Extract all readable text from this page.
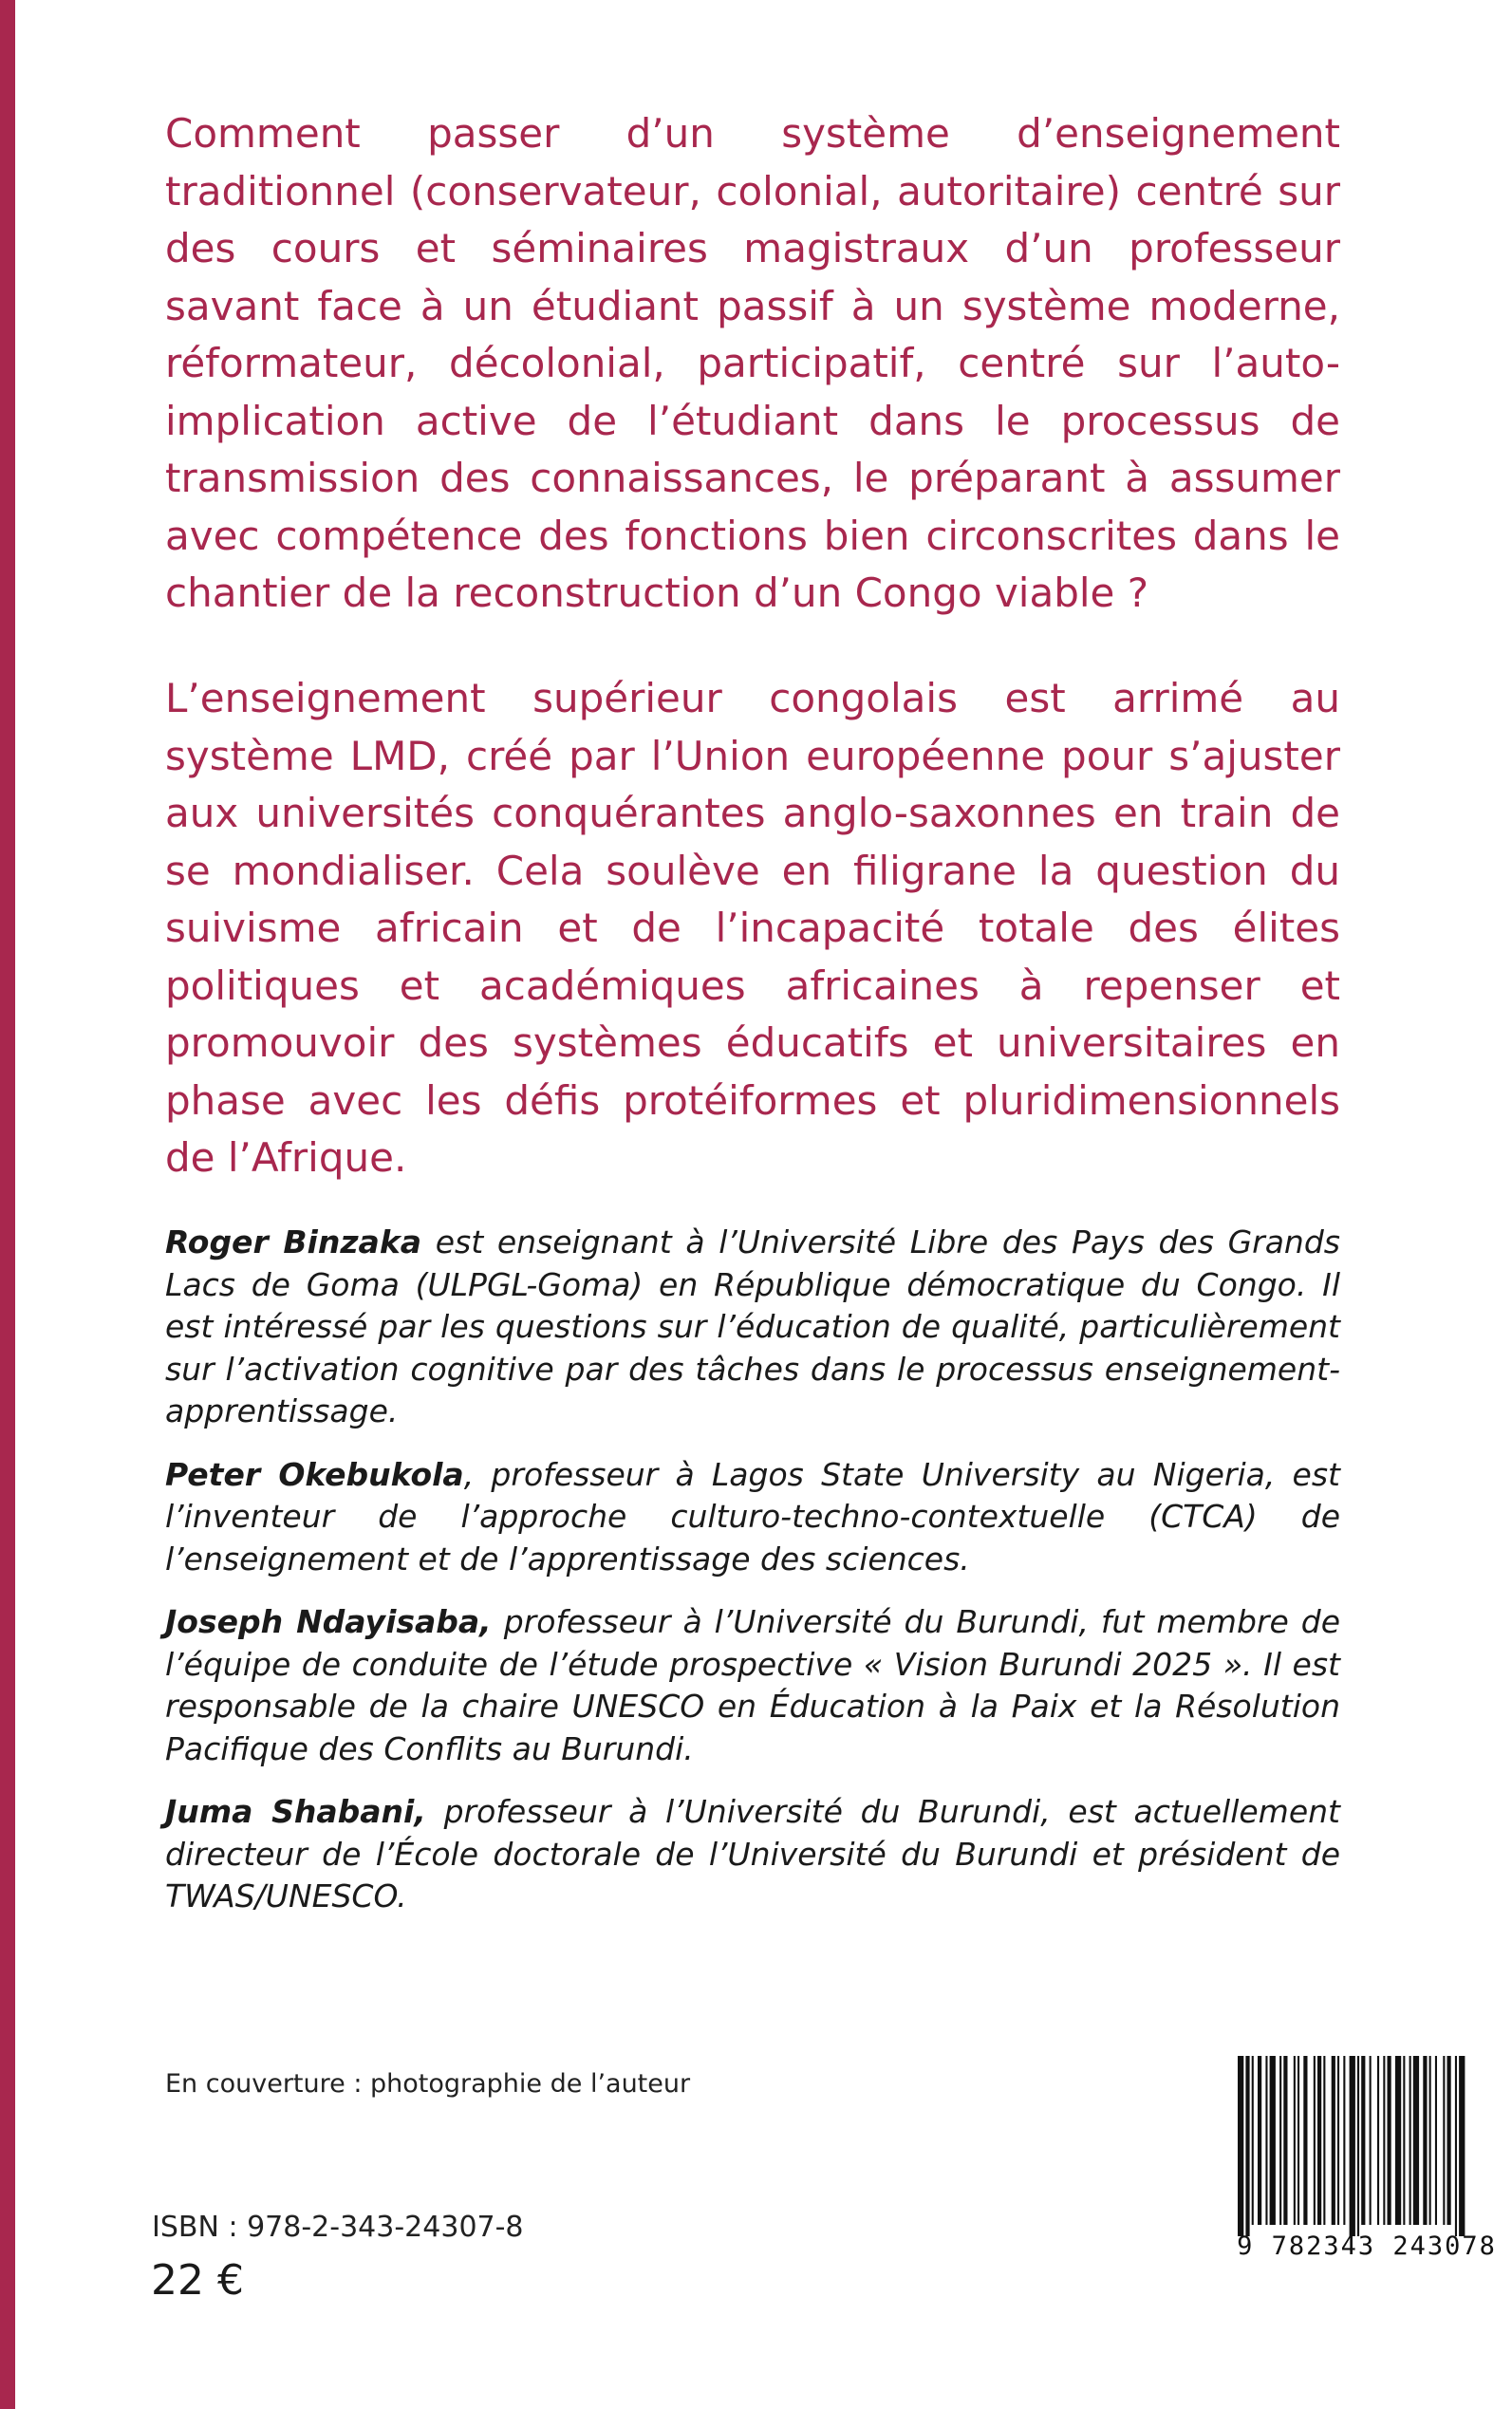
Comment passer d’un système d’enseignement traditionnel (conservateur, colonial, autoritaire) centré sur des cours et séminaires magistraux d’un professeur savant face à un étudiant passif à un système moderne, réformateur, décolonial, participatif, centré sur l’auto-implication active de l’étudiant dans le processus de transmission des connaissances, le préparant à assumer avec compétence des fonctions bien circonscrites dans le chantier de la reconstruction d’un Congo viable ?

L’enseignement supérieur congolais est arrimé au système LMD, créé par l’Union européenne pour s’ajuster aux universités conquérantes anglo-saxonnes en train de se mondialiser. Cela soulève en filigrane la question du suivisme africain et de l’incapacité totale des élites politiques et académiques africaines à repenser et promouvoir des systèmes éducatifs et universitaires en phase avec les défis protéiformes et pluridimensionnels de l’Afrique.

Roger Binzaka est enseignant à l’Université Libre des Pays des Grands Lacs de Goma (ULPGL-Goma) en République démocratique du Congo. Il est intéressé par les questions sur l’éducation de qualité, particulièrement sur l’activation cognitive par des tâches dans le processus enseignement-apprentissage.

Peter Okebukola, professeur à Lagos State University au Nigeria, est l’inventeur de l’approche culturo-techno-contextuelle (CTCA) de l’enseignement et de l’apprentissage des sciences.

Joseph Ndayisaba, professeur à l’Université du Burundi, fut membre de l’équipe de conduite de l’étude prospective « Vision Burundi 2025 ». Il est responsable de la chaire UNESCO en Éducation à la Paix et la Résolution Pacifique des Conflits au Burundi.

Juma Shabani, professeur à l’Université du Burundi, est actuellement directeur de l’École doctorale de l’Université du Burundi et président de TWAS/UNESCO.

En couverture : photographie de l’auteur
ISBN : 978-2-343-24307-8
22 €
9 782343 243078
